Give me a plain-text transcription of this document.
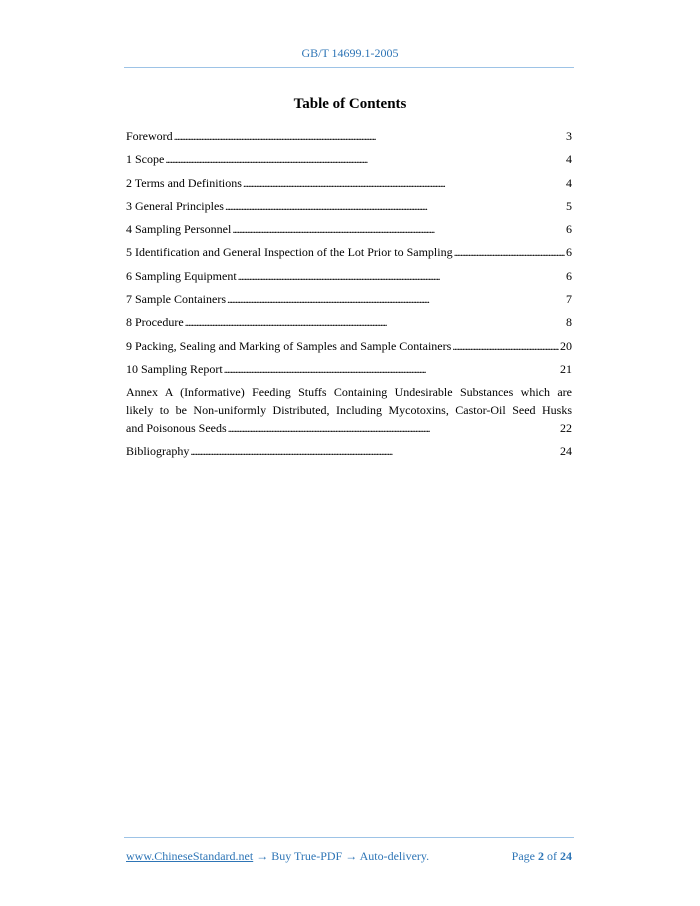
GB/T 14699.1-2005
Table of Contents
Foreword . . .	3
1 Scope . . .	4
2 Terms and Definitions . . .	4
3 General Principles . . .	5
4 Sampling Personnel . . .	6
5 Identification and General Inspection of the Lot Prior to Sampling . . .	6
6 Sampling Equipment . . .	6
7 Sample Containers . . .	7
8 Procedure . . .	8
9 Packing, Sealing and Marking of Samples and Sample Containers . . .	20
10 Sampling Report . . .	21
Annex A (Informative) Feeding Stuffs Containing Undesirable Substances which are
likely to be Non-uniformly Distributed, Including Mycotoxins, Castor-Oil Seed Husks
and Poisonous Seeds . . .	22
Bibliography . . .	24
www.ChineseStandard.net → Buy True-PDF → Auto-delivery.	Page 2 of 24
